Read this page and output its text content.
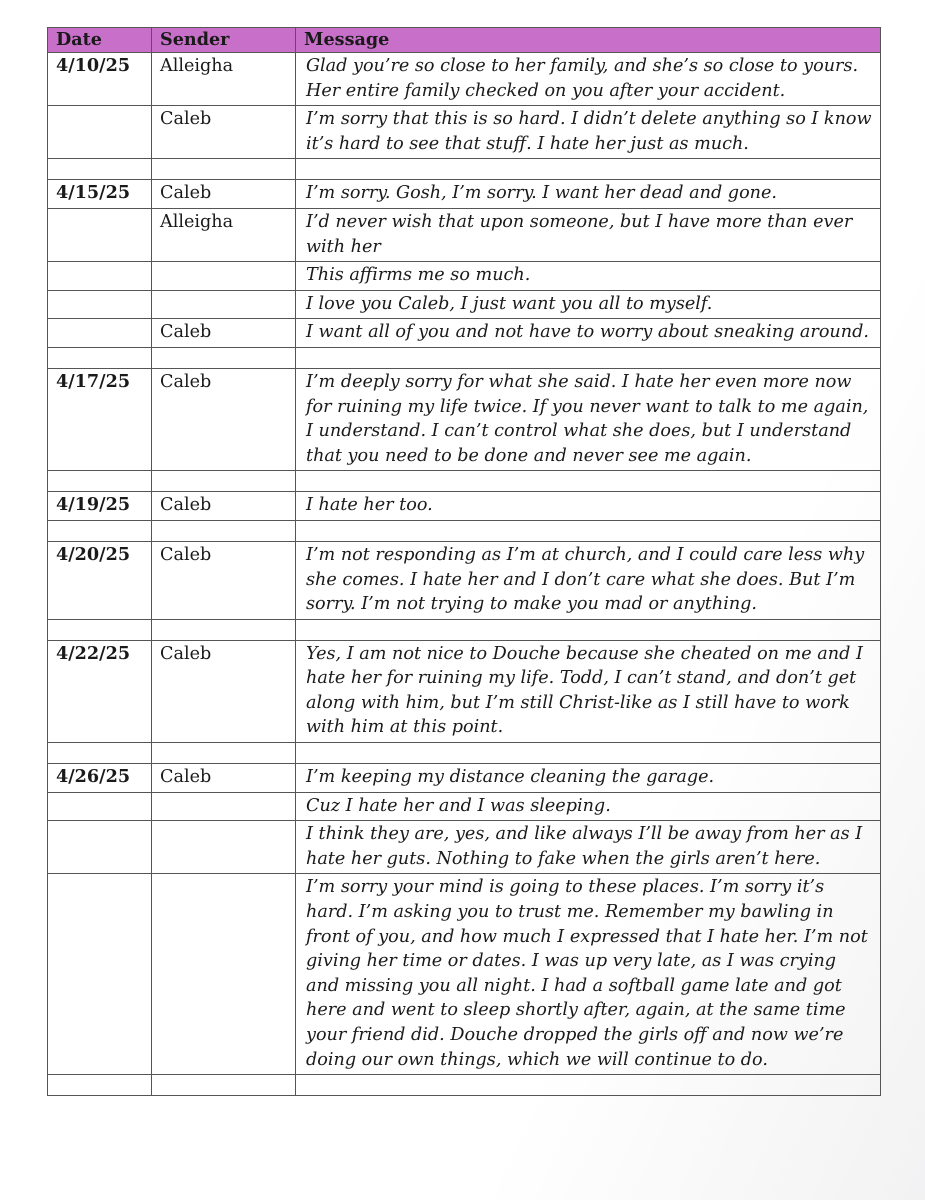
Date	Sender	Message
4/10/25	Alleigha	Glad you’re so close to her family, and she’s so close to yours. Her entire family checked on you after your accident.
	Caleb	I’m sorry that this is so hard. I didn’t delete anything so I know it’s hard to see that stuff. I hate her just as much.

4/15/25	Caleb	I’m sorry. Gosh, I’m sorry. I want her dead and gone.
	Alleigha	I’d never wish that upon someone, but I have more than ever with her
		This affirms me so much.
		I love you Caleb, I just want you all to myself.
	Caleb	I want all of you and not have to worry about sneaking around.

4/17/25	Caleb	I’m deeply sorry for what she said. I hate her even more now for ruining my life twice. If you never want to talk to me again, I understand. I can’t control what she does, but I understand that you need to be done and never see me again.

4/19/25	Caleb	I hate her too.

4/20/25	Caleb	I’m not responding as I’m at church, and I could care less why she comes. I hate her and I don’t care what she does. But I’m sorry. I’m not trying to make you mad or anything.

4/22/25	Caleb	Yes, I am not nice to Douche because she cheated on me and I hate her for ruining my life. Todd, I can’t stand, and don’t get along with him, but I’m still Christ-like as I still have to work with him at this point.

4/26/25	Caleb	I’m keeping my distance cleaning the garage.
		Cuz I hate her and I was sleeping.
		I think they are, yes, and like always I’ll be away from her as I hate her guts. Nothing to fake when the girls aren’t here.
		I’m sorry your mind is going to these places. I’m sorry it’s hard. I’m asking you to trust me. Remember my bawling in front of you, and how much I expressed that I hate her. I’m not giving her time or dates. I was up very late, as I was crying and missing you all night. I had a softball game late and got here and went to sleep shortly after, again, at the same time your friend did. Douche dropped the girls off and now we’re doing our own things, which we will continue to do.
